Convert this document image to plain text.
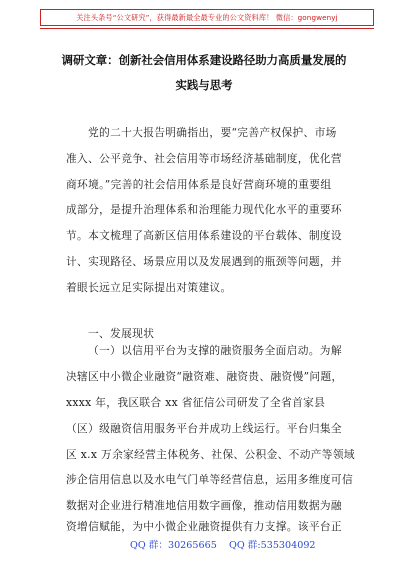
关注头条号“公文研究”，获得最新最全最专业的公文资料库！ 微信：gongwenyj
调研文章：创新社会信用体系建设路径助力高质量发展的
实践与思考
党的二十大报告明确指出，要“完善产权保护、市场
准入、公平竞争、社会信用等市场经济基础制度，优化营
商环境。”完善的社会信用体系是良好营商环境的重要组
成部分，是提升治理体系和治理能力现代化水平的重要环
节。本文梳理了高新区信用体系建设的平台载体、制度设
计、实现路径、场景应用以及发展遇到的瓶颈等问题，并
着眼长远立足实际提出对策建议。
一、发展现状
（一）以信用平台为支撑的融资服务全面启动。为解
决辖区中小微企业融资“融资难、融资贵、融资慢”问题，
xxxx 年，我区联合 xx 省征信公司研发了全省首家县
（区）级融资信用服务平台并成功上线运行。平台归集全
区 x.x 万余家经营主体税务、社保、公积金、不动产等领域
涉企信用信息以及水电气门单等经营信息，运用多维度可信
数据对企业进行精准地信用数字画像，推动信用数据为融
资增信赋能，为中小微企业融资提供有力支撑。该平台正
QQ 群：30265665 QQ 群:535304092
